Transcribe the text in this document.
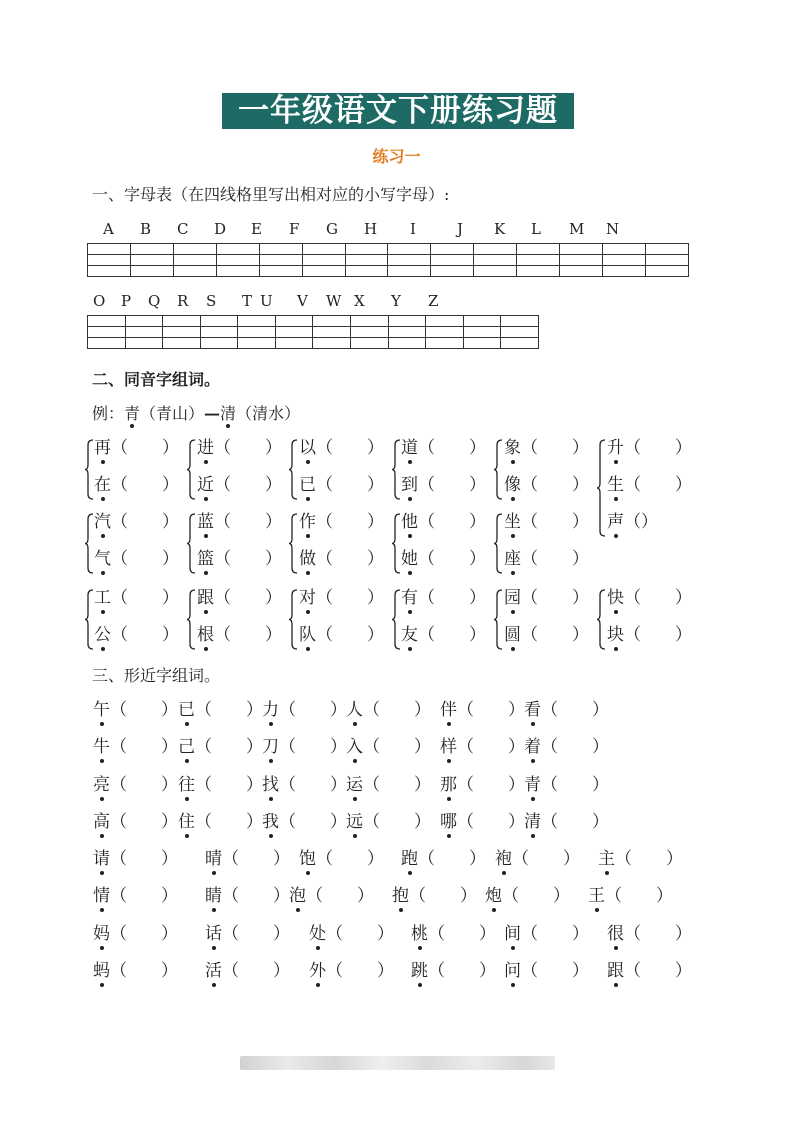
一年级语文下册练习题
练习一
一、字母表（在四线格里写出相对应的小写字母）:
A B C D E F G H I	J K L M N

O P Q R S T U V W X Y Z

二、同音字组词。
例：青（青山）—清（清水）
再（　　）
在（　　）
进（　　）
近（　　）
以（　　）
已（　　）
道（　　）
到（　　）
象（　　）
像（　　）
升（　　）
生（　　）
声（）
汽（　　）
气（　　）
蓝（　　）
篮（　　）
作（　　）
做（　　）
他（　　）
她（　　）
坐（　　）
座（　　）
工（　　）
公（　　）
跟（　　）
根（　　）
对（　　）
队（　　）
有（　　）
友（　　）
园（　　）
圆（　　）
快（　　）
块（　　）
三、形近字组词。
午（　　） 已（　　） 力（　　） 人（　　） 伴（　　） 看（　　）
牛（　　） 己（　　） 刀（　　） 入（　　） 样（　　） 着（　　）
亮（　　） 往（　　） 找（　　） 运（　　） 那（　　） 青（　　）
高（　　） 住（　　） 我（　　） 远（　　） 哪（　　） 清（　　）
请（　　） 晴（　　） 饱（　　） 跑（　　） 袍（　　） 主（　　）
情（　　） 睛（　　） 泡（　　） 抱（　　） 炮（　　） 王（　　）
妈（　　） 话（　　） 处（　　） 桃（　　） 间（　　） 很（　　）
蚂（　　） 活（　　） 外（　　） 跳（　　） 问（　　） 跟（　　）
